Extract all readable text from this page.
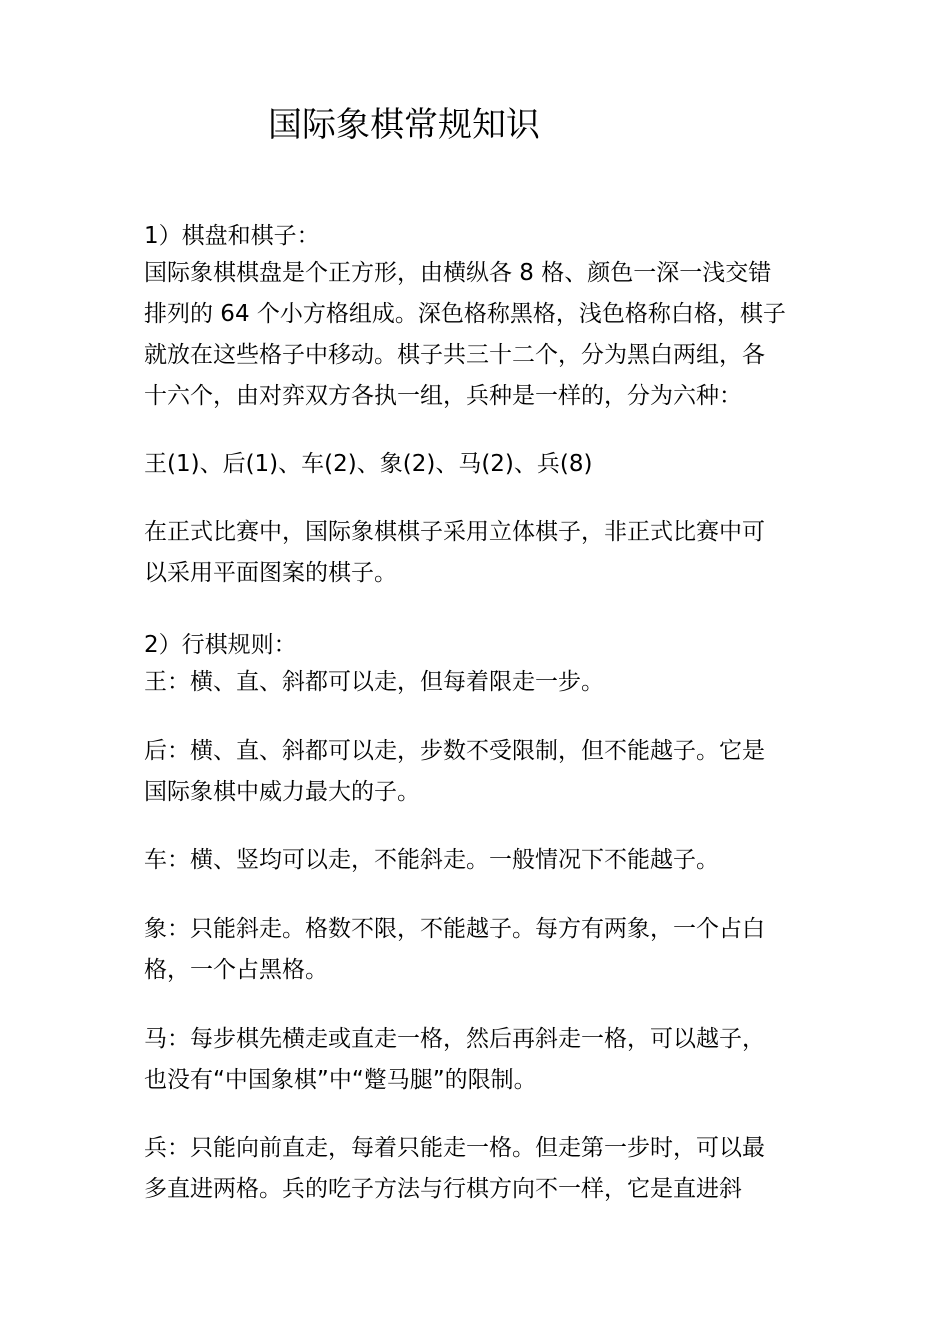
国际象棋常规知识
1）棋盘和棋子：
国际象棋棋盘是个正方形，由横纵各 8 格、颜色一深一浅交错
排列的 64 个小方格组成。深色格称黑格，浅色格称白格，棋子
就放在这些格子中移动。棋子共三十二个，分为黑白两组，各
十六个，由对弈双方各执一组，兵种是一样的，分为六种：
王(1)、后(1)、车(2)、象(2)、马(2)、兵(8)
在正式比赛中，国际象棋棋子采用立体棋子，非正式比赛中可
以采用平面图案的棋子。
2）行棋规则：
王：横、直、斜都可以走，但每着限走一步。
后：横、直、斜都可以走，步数不受限制，但不能越子。它是
国际象棋中威力最大的子。
车：横、竖均可以走，不能斜走。一般情况下不能越子。
象：只能斜走。格数不限，不能越子。每方有两象，一个占白
格，一个占黑格。
马：每步棋先横走或直走一格，然后再斜走一格，可以越子，
也没有“中国象棋”中“蹩马腿”的限制。
兵：只能向前直走，每着只能走一格。但走第一步时，可以最
多直进两格。兵的吃子方法与行棋方向不一样，它是直进斜
